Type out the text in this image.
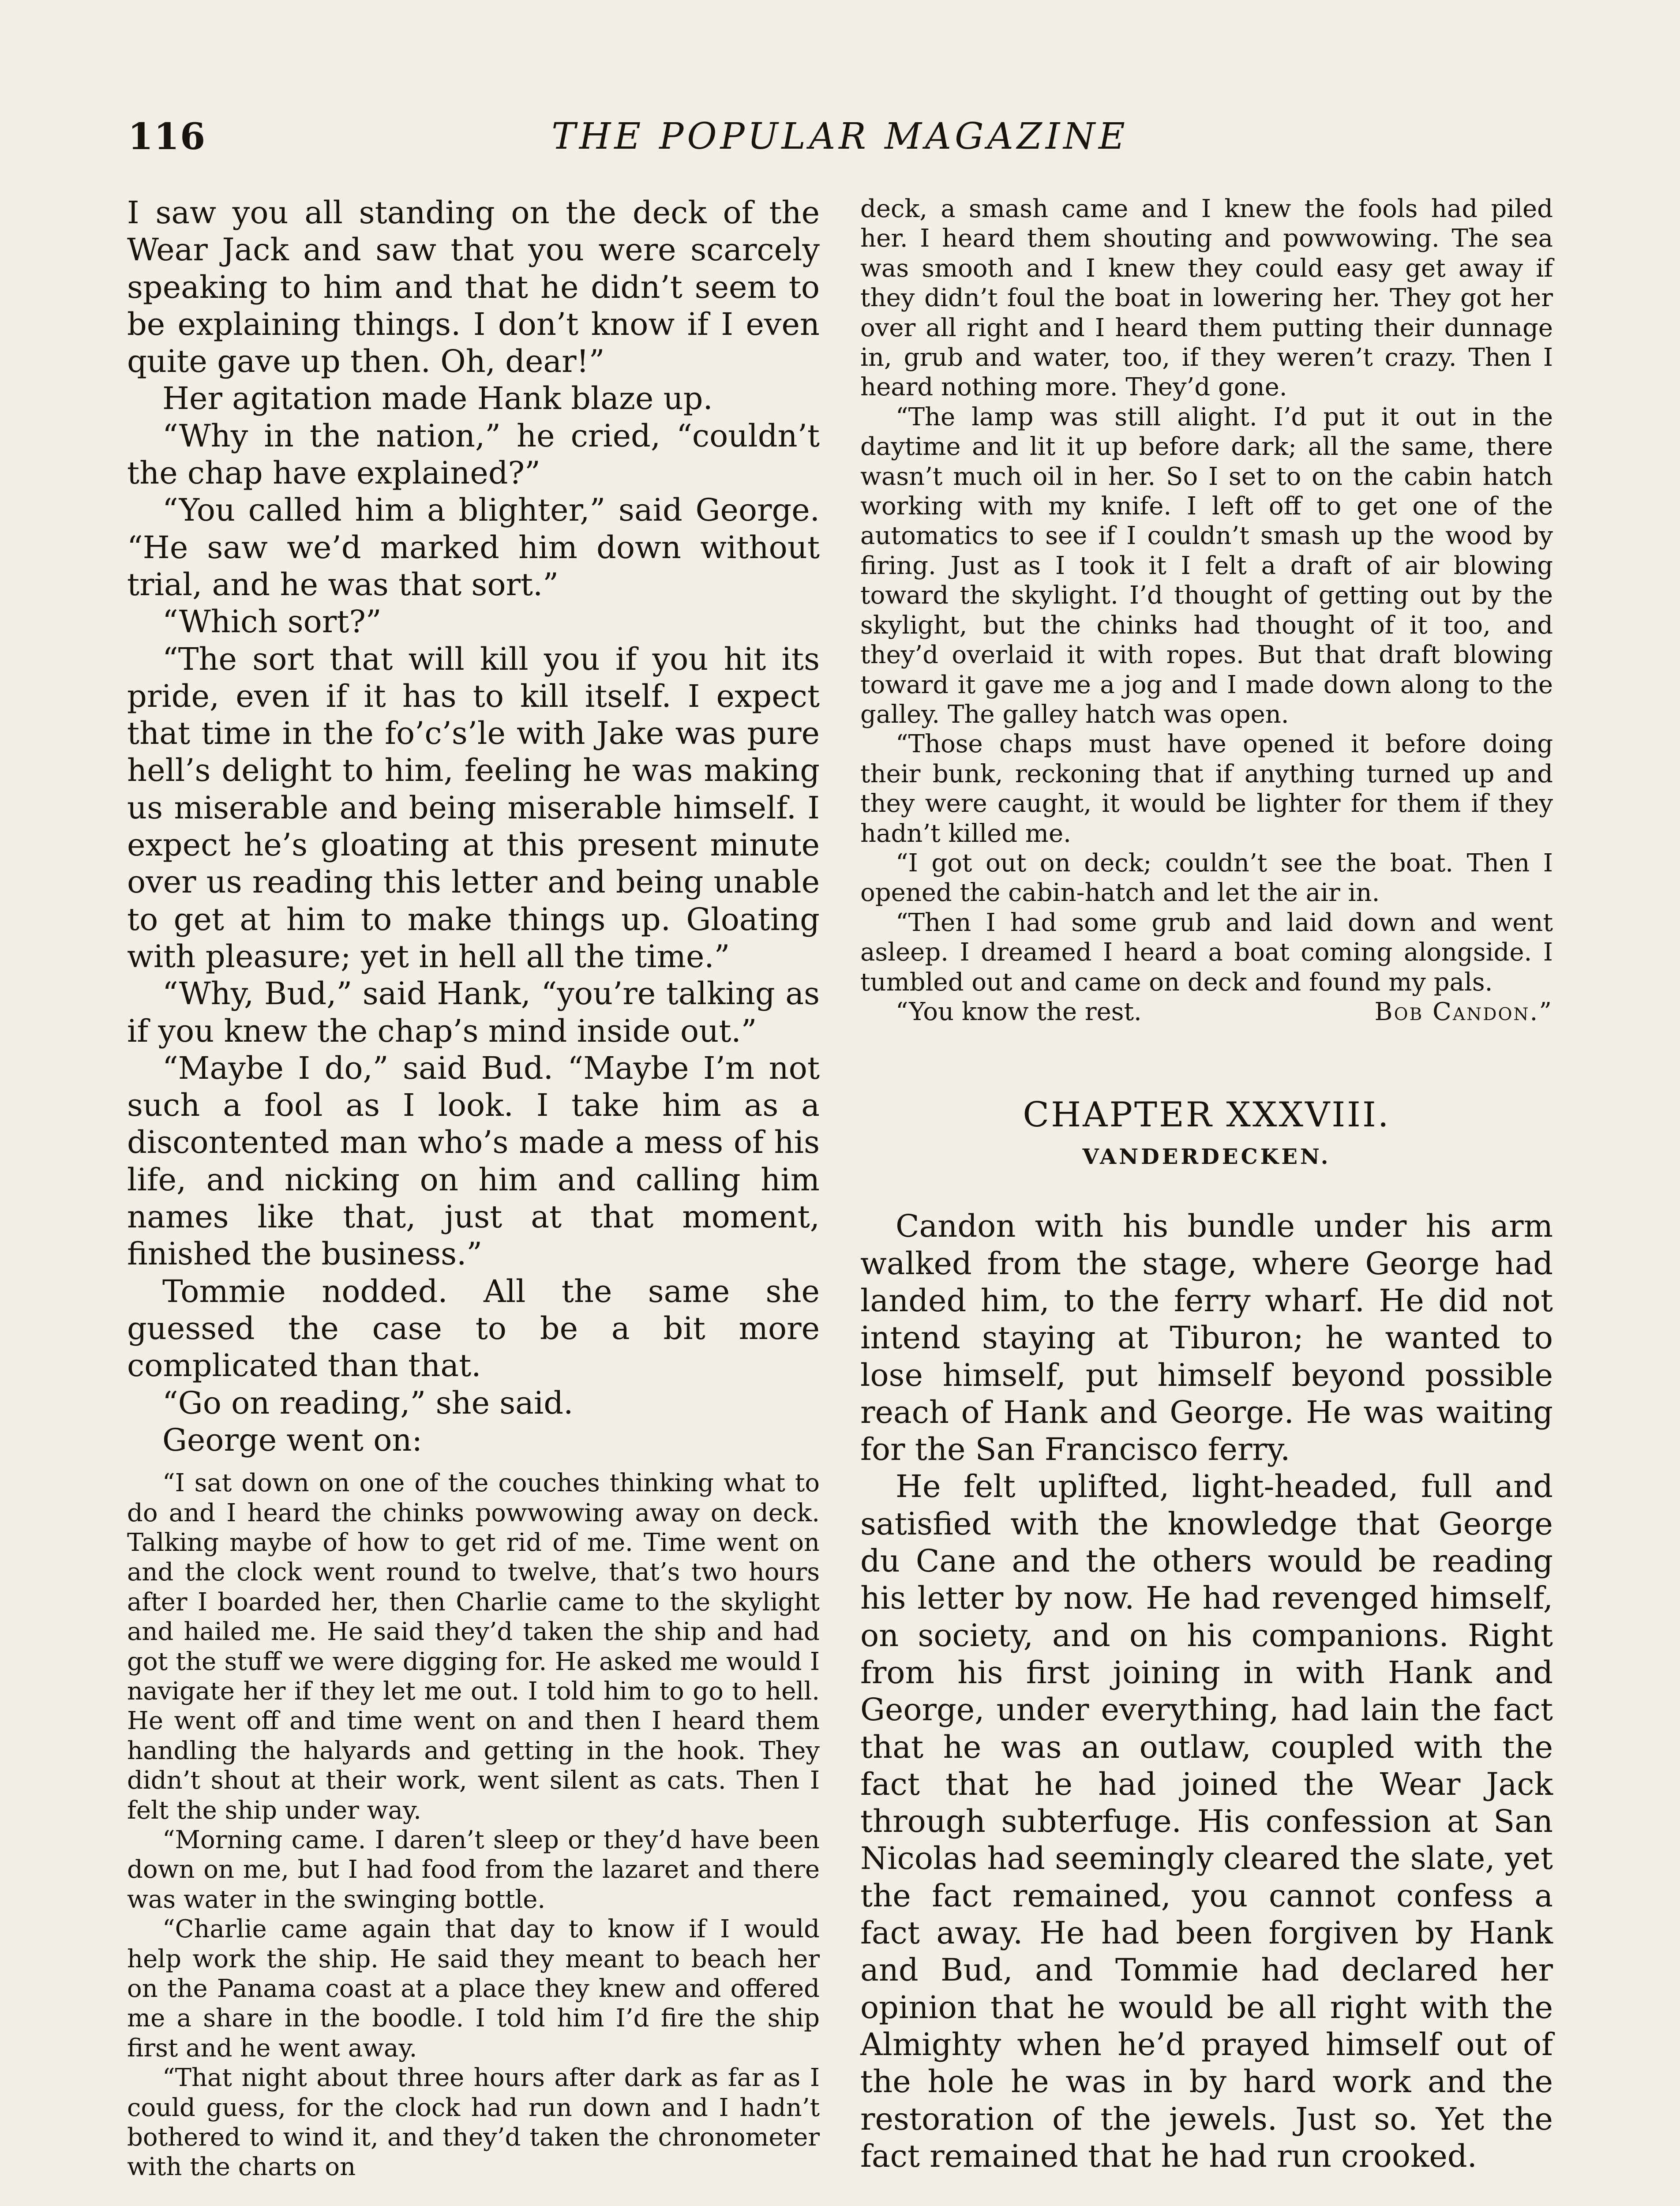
116	THE POPULAR MAGAZINE

I saw you all standing on the deck of the Wear Jack and saw that you were scarcely speaking to him and that he didn’t seem to be explaining things. I don’t know if I even quite gave up then. Oh, dear!”

Her agitation made Hank blaze up.

“Why in the nation,” he cried, “couldn’t the chap have explained?”

“You called him a blighter,” said George. “He saw we’d marked him down without trial, and he was that sort.”

“Which sort?”

“The sort that will kill you if you hit its pride, even if it has to kill itself. I expect that time in the fo’c’s’le with Jake was pure hell’s delight to him, feeling he was making us miserable and being miserable himself. I expect he’s gloating at this present minute over us reading this letter and being unable to get at him to make things up. Gloating with pleasure; yet in hell all the time.”

“Why, Bud,” said Hank, “you’re talking as if you knew the chap’s mind inside out.”

“Maybe I do,” said Bud. “Maybe I’m not such a fool as I look. I take him as a discontented man who’s made a mess of his life, and nicking on him and calling him names like that, just at that moment, finished the business.”

Tommie nodded. All the same she guessed the case to be a bit more complicated than that.

“Go on reading,” she said.

George went on:

“I sat down on one of the couches thinking what to do and I heard the chinks powwowing away on deck. Talking maybe of how to get rid of me. Time went on and the clock went round to twelve, that’s two hours after I boarded her, then Charlie came to the skylight and hailed me. He said they’d taken the ship and had got the stuff we were digging for. He asked me would I navigate her if they let me out. I told him to go to hell. He went off and time went on and then I heard them handling the halyards and getting in the hook. They didn’t shout at their work, went silent as cats. Then I felt the ship under way.

“Morning came. I daren’t sleep or they’d have been down on me, but I had food from the lazaret and there was water in the swinging bottle.

“Charlie came again that day to know if I would help work the ship. He said they meant to beach her on the Panama coast at a place they knew and offered me a share in the boodle. I told him I’d fire the ship first and he went away.

“That night about three hours after dark as far as I could guess, for the clock had run down and I hadn’t bothered to wind it, and they’d taken the chronometer with the charts on

deck, a smash came and I knew the fools had piled her. I heard them shouting and powwowing. The sea was smooth and I knew they could easy get away if they didn’t foul the boat in lowering her. They got her over all right and I heard them putting their dunnage in, grub and water, too, if they weren’t crazy. Then I heard nothing more. They’d gone.

“The lamp was still alight. I’d put it out in the daytime and lit it up before dark; all the same, there wasn’t much oil in her. So I set to on the cabin hatch working with my knife. I left off to get one of the automatics to see if I couldn’t smash up the wood by firing. Just as I took it I felt a draft of air blowing toward the skylight. I’d thought of getting out by the skylight, but the chinks had thought of it too, and they’d overlaid it with ropes. But that draft blowing toward it gave me a jog and I made down along to the galley. The galley hatch was open.

“Those chaps must have opened it before doing their bunk, reckoning that if anything turned up and they were caught, it would be lighter for them if they hadn’t killed me.

“I got out on deck; couldn’t see the boat. Then I opened the cabin-hatch and let the air in.

“Then I had some grub and laid down and went asleep. I dreamed I heard a boat coming alongside. I tumbled out and came on deck and found my pals.

“You know the rest.	Bob Candon.”

CHAPTER XXXVIII.
VANDERDECKEN.

Candon with his bundle under his arm walked from the stage, where George had landed him, to the ferry wharf. He did not intend staying at Tiburon; he wanted to lose himself, put himself beyond possible reach of Hank and George. He was waiting for the San Francisco ferry.

He felt uplifted, light-headed, full and satisfied with the knowledge that George du Cane and the others would be reading his letter by now. He had revenged himself, on society, and on his companions. Right from his first joining in with Hank and George, under everything, had lain the fact that he was an outlaw, coupled with the fact that he had joined the Wear Jack through subterfuge. His confession at San Nicolas had seemingly cleared the slate, yet the fact remained, you cannot confess a fact away. He had been forgiven by Hank and Bud, and Tommie had declared her opinion that he would be all right with the Almighty when he’d prayed himself out of the hole he was in by hard work and the restoration of the jewels. Just so. Yet the fact remained that he had run crooked.
